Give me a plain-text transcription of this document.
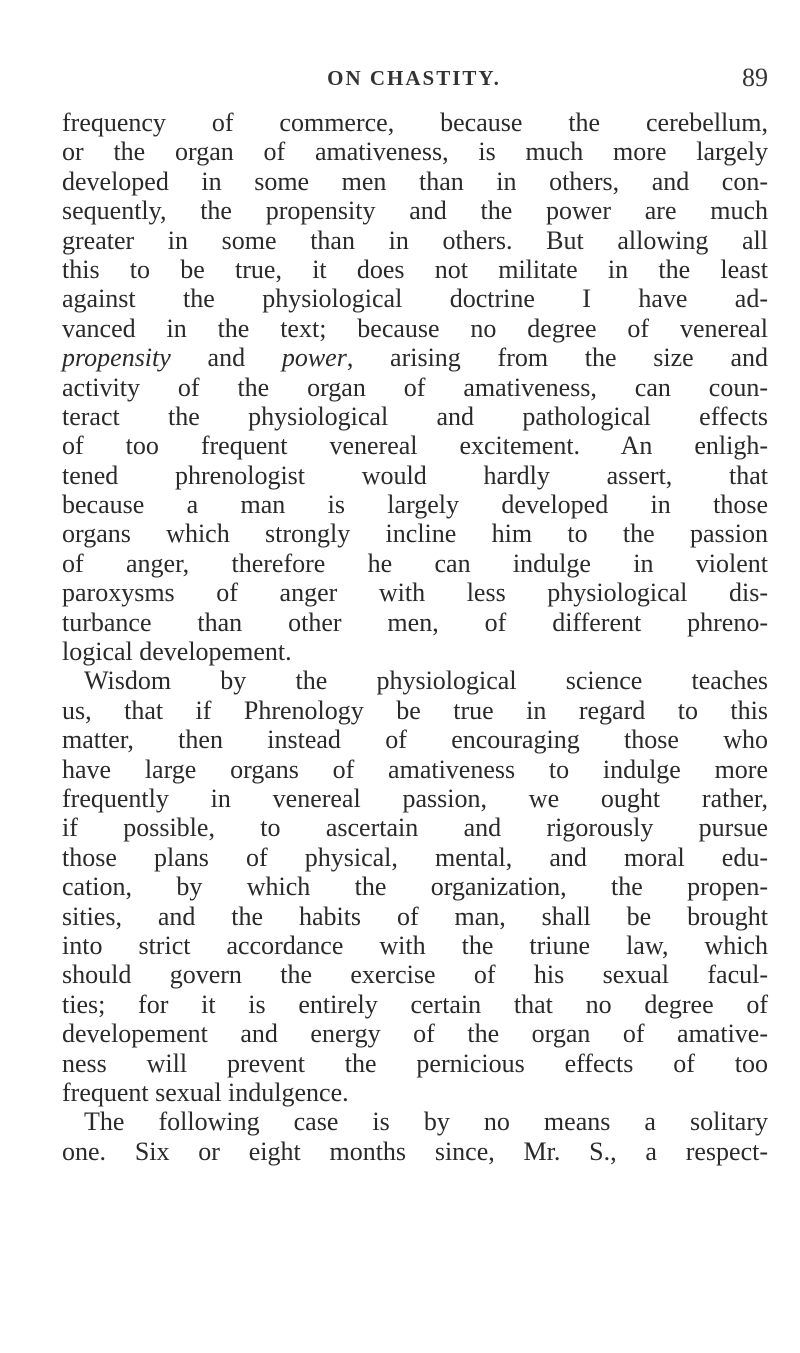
ON CHASTITY.	89
frequency of commerce, because the cerebellum,
or the organ of amativeness, is much more largely
developed in some men than in others, and con-
sequently, the propensity and the power are much
greater in some than in others. But allowing all
this to be true, it does not militate in the least
against the physiological doctrine I have ad-
vanced in the text; because no degree of venereal
propensity and power, arising from the size and
activity of the organ of amativeness, can coun-
teract the physiological and pathological effects
of too frequent venereal excitement. An enligh-
tened phrenologist would hardly assert, that
because a man is largely developed in those
organs which strongly incline him to the passion
of anger, therefore he can indulge in violent
paroxysms of anger with less physiological dis-
turbance than other men, of different phreno-
logical developement.
Wisdom by the physiological science teaches
us, that if Phrenology be true in regard to this
matter, then instead of encouraging those who
have large organs of amativeness to indulge more
frequently in venereal passion, we ought rather,
if possible, to ascertain and rigorously pursue
those plans of physical, mental, and moral edu-
cation, by which the organization, the propen-
sities, and the habits of man, shall be brought
into strict accordance with the triune law, which
should govern the exercise of his sexual facul-
ties; for it is entirely certain that no degree of
developement and energy of the organ of amative-
ness will prevent the pernicious effects of too
frequent sexual indulgence.
The following case is by no means a solitary
one. Six or eight months since, Mr. S., a respect-
